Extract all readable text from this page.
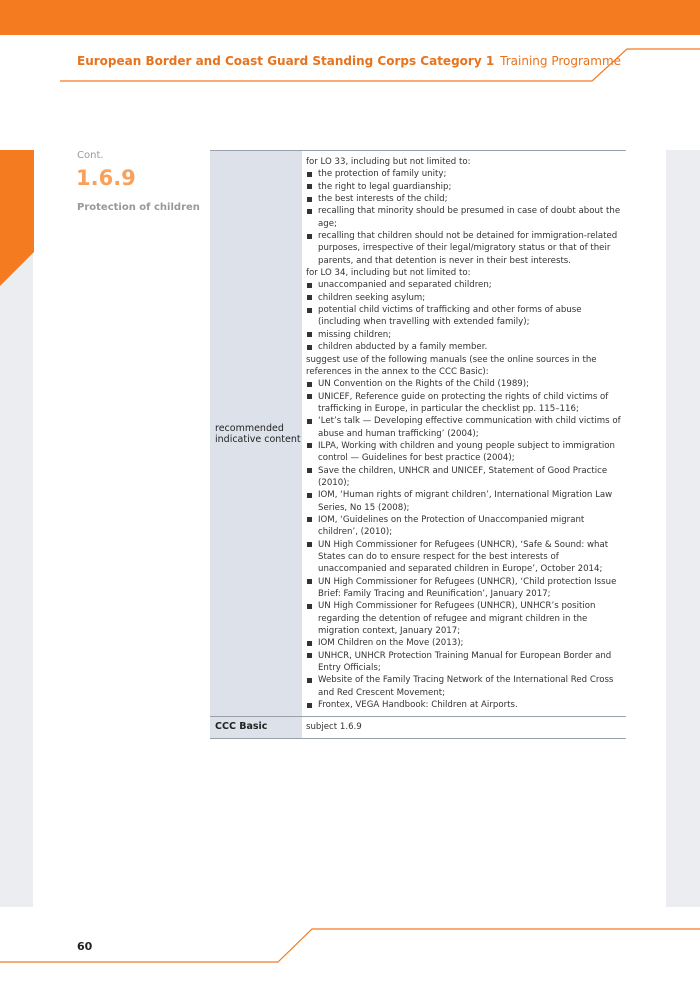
European Border and Coast Guard Standing Corps Category 1 Training Programme
Cont.
1.6.9
Protection of children
recommended indicative content

for LO 33, including but not limited to:

the protection of family unity;
the right to legal guardianship;
the best interests of the child;
recalling that minority should be presumed in case of doubt about the age;
recalling that children should not be detained for immigration-related purposes, irrespective of their legal/migratory status or that of their parents, and that detention is never in their best interests.

for LO 34, including but not limited to:

unaccompanied and separated children;
children seeking asylum;
potential child victims of trafficking and other forms of abuse (including when travelling with extended family);
missing children;
children abducted by a family member.

suggest use of the following manuals (see the online sources in the references in the annex to the CCC Basic):

UN Convention on the Rights of the Child (1989);
UNICEF, Reference guide on protecting the rights of child victims of trafficking in Europe, in particular the checklist pp. 115–116;
‘Let’s talk — Developing effective communication with child victims of abuse and human trafficking’ (2004);
ILPA, Working with children and young people subject to immigration control — Guidelines for best practice (2004);
Save the children, UNHCR and UNICEF, Statement of Good Practice (2010);
IOM, ‘Human rights of migrant children’, International Migration Law Series, No 15 (2008);
IOM, ‘Guidelines on the Protection of Unaccompanied migrant children’, (2010);
UN High Commissioner for Refugees (UNHCR), ‘Safe & Sound: what States can do to ensure respect for the best interests of unaccompanied and separated children in Europe’, October 2014;
UN High Commissioner for Refugees (UNHCR), ‘Child protection Issue Brief: Family Tracing and Reunification’, January 2017;
UN High Commissioner for Refugees (UNHCR), UNHCR’s position regarding the detention of refugee and migrant children in the migration context, January 2017;
IOM Children on the Move (2013);
UNHCR, UNHCR Protection Training Manual for European Border and Entry Officials;
Website of the Family Tracing Network of the International Red Cross and Red Crescent Movement;
Frontex, VEGA Handbook: Children at Airports.
CCC Basic	subject 1.6.9
60
